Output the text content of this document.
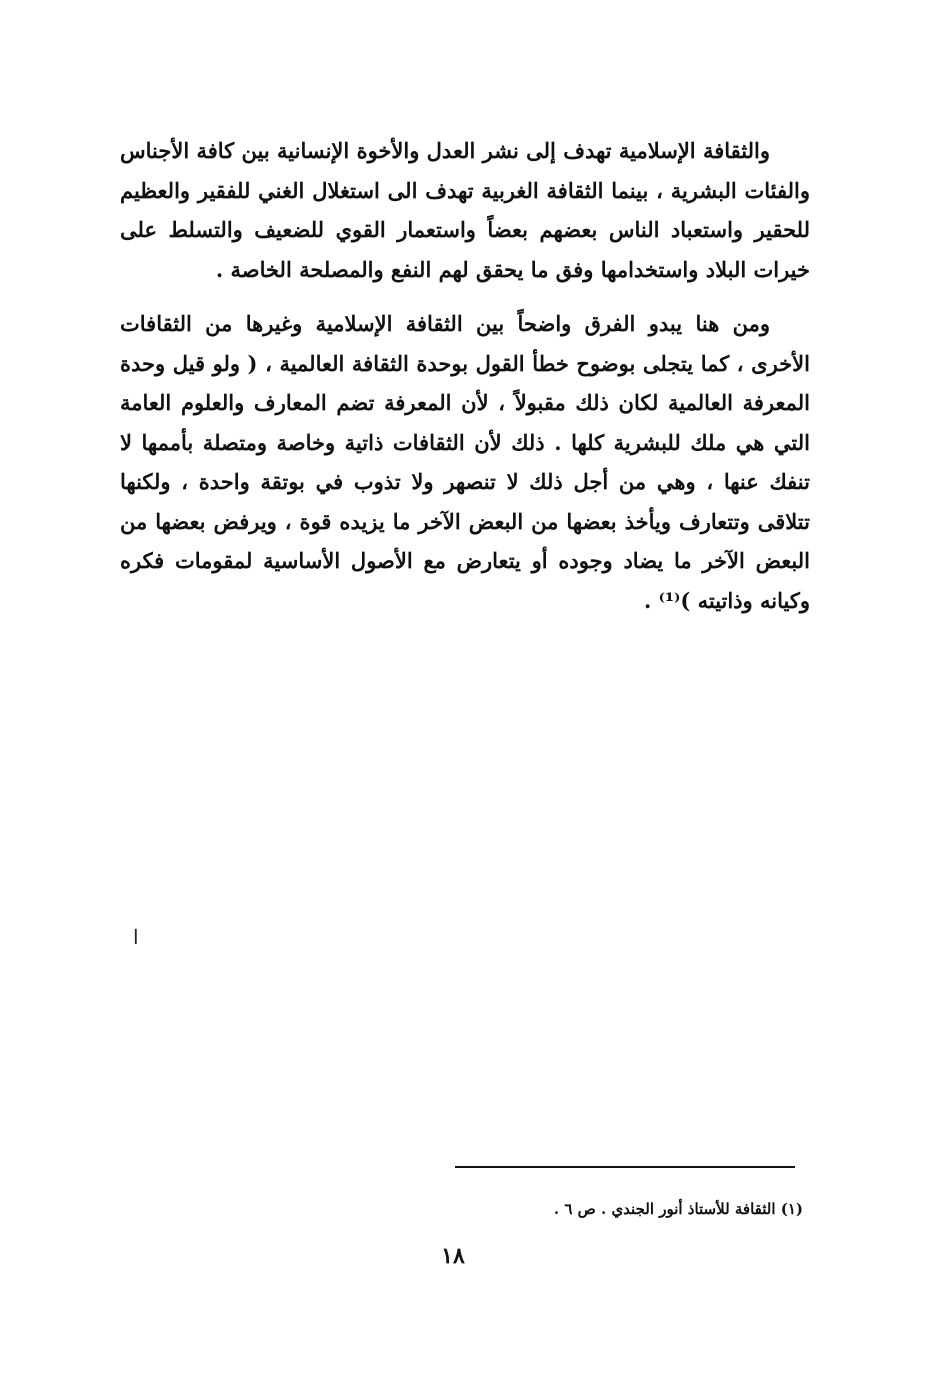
والثقافة الإسلامية تهدف إلى نشر العدل والأخوة الإنسانية بين كافة الأجناس والفئات البشرية ، بينما الثقافة الغربية تهدف الى استغلال الغني للفقير والعظيم للحقير واستعباد الناس بعضهم بعضاً واستعمار القوي للضعيف والتسلط على خيرات البلاد واستخدامها وفق ما يحقق لهم النفع والمصلحة الخاصة .

ومن هنا يبدو الفرق واضحاً بين الثقافة الإسلامية وغيرها من الثقافات الأخرى ، كما يتجلى بوضوح خطأ القول بوحدة الثقافة العالمية ، ( ولو قيل وحدة المعرفة العالمية لكان ذلك مقبولاً ، لأن المعرفة تضم المعارف والعلوم العامة التي هي ملك للبشرية كلها . ذلك لأن الثقافات ذاتية وخاصة ومتصلة بأممها لا تنفك عنها ، وهي من أجل ذلك لا تنصهر ولا تذوب في بوتقة واحدة ، ولكنها تتلاقى وتتعارف ويأخذ بعضها من البعض الآخر ما يزيده قوة ، ويرفض بعضها من البعض الآخر ما يضاد وجوده أو يتعارض مع الأصول الأساسية لمقومات فكره وكيانه وذاتيته )⁽¹⁾ .

ا
(١) الثقافة للأستاذ أنور الجندي . ص ٦ .
١٨
